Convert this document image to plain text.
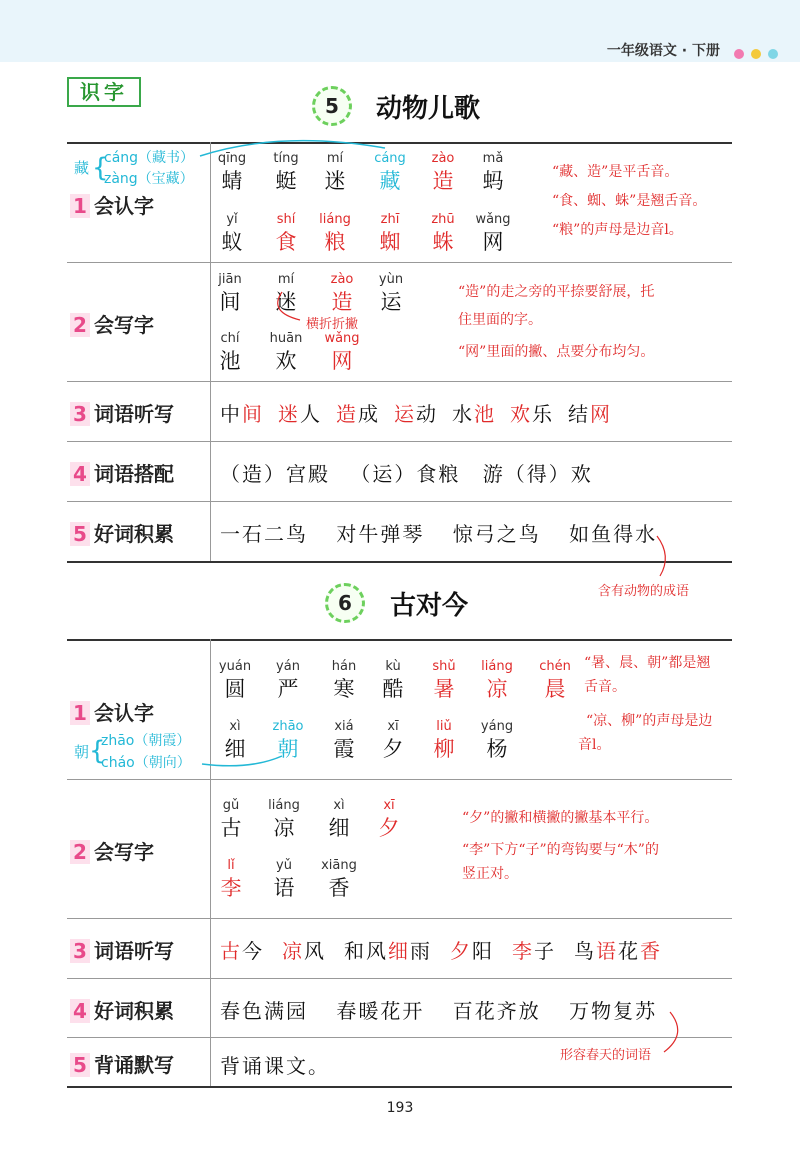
一年级语文 · 下册
识字
5	动物儿歌
1 会认字
2 会写字
3 词语听写
4 词语搭配
5 好词积累
藏 {
cáng（藏书）
zàng（宝藏）
qīng
蜻
tíng
蜓
mí
迷
cáng
藏
zào
造
mǎ
蚂
yǐ
蚁
shí
食
liáng
粮
zhī
蜘
zhū
蛛
wǎng
网
“藏、造”是平舌音。
“食、蜘、蛛”是翘舌音。
“粮”的声母是边音l。
jiān
间
mí
迷
zào
造
yùn
运
chí
池
huān
欢
wǎng
网
横折折撇
“造”的走之旁的平捺要舒展，托
住里面的字。
“网”里面的撇、点要分布均匀。
中间 迷人 造成 运动 水池 欢乐 结网
（造）宫殿 （运）食粮 游（得）欢
一石二鸟 对牛弹琴 惊弓之鸟 如鱼得水
含有动物的成语
6	古对今
1 会认字
2 会写字
3 词语听写
4 好词积累
5 背诵默写
朝 {
zhāo（朝霞）
cháo（朝向）
yuán
圆
yán
严
hán
寒
kù
酷
shǔ
暑
liáng
凉
chén
晨
xì
细
zhāo
朝
xiá
霞
xī
夕
liǔ
柳
yáng
杨
“暑、晨、朝”都是翘
舌音。
“凉、柳”的声母是边
音l。
gǔ
古
liáng
凉
xì
细
xī
夕
lǐ
李
yǔ
语
xiāng
香
“夕”的撇和横撇的撇基本平行。
“李”下方“子”的弯钩要与“木”的
竖正对。
古今 凉风 和风细雨 夕阳 李子 鸟语花香
春色满园 春暖花开 百花齐放 万物复苏
形容春天的词语
背诵课文。
193
